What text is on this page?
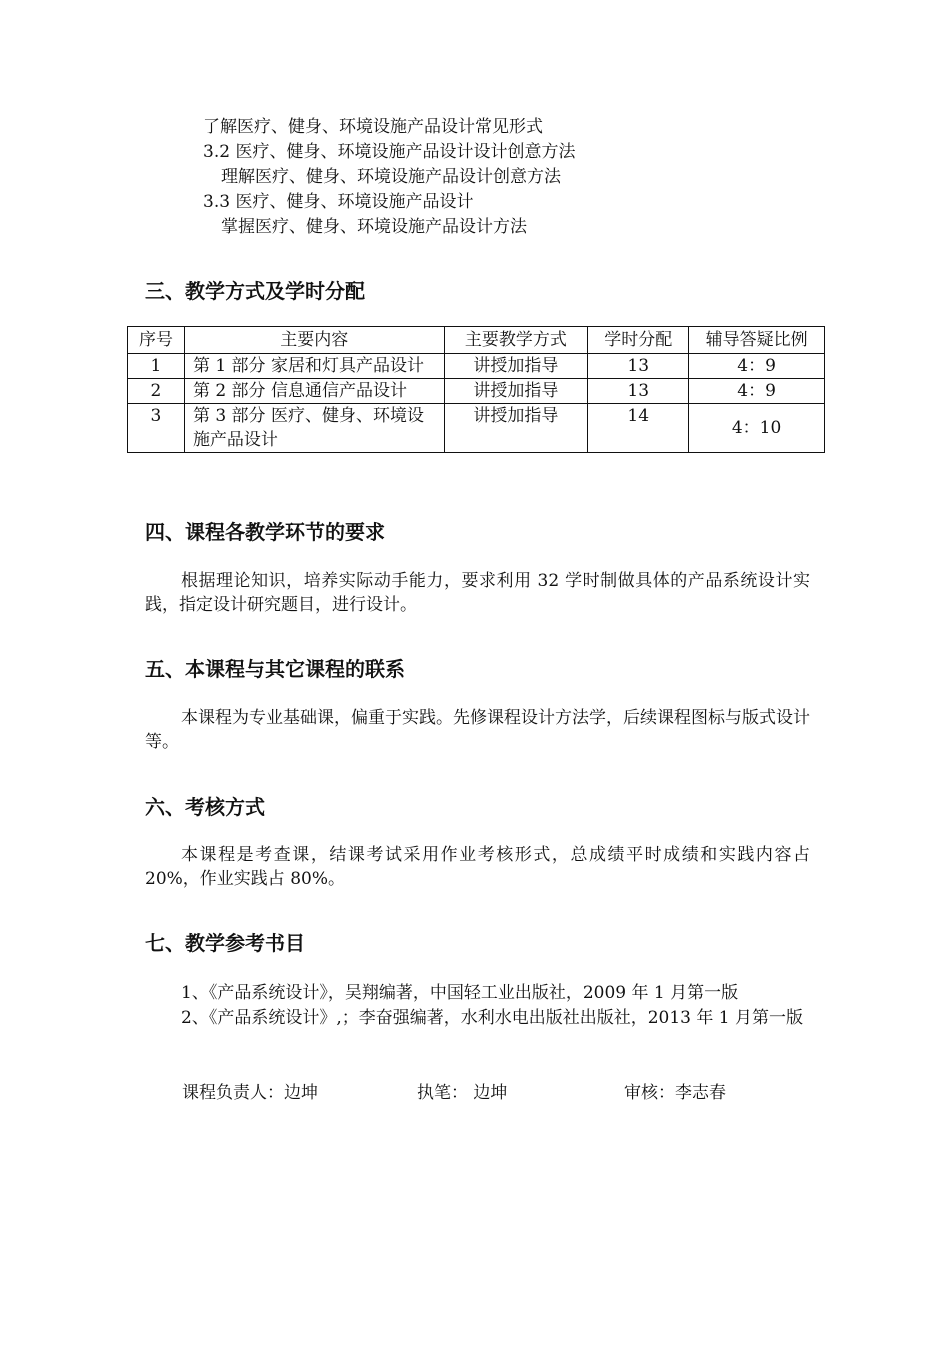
了解医疗、健身、环境设施产品设计常见形式
3.2 医疗、健身、环境设施产品设计设计创意方法
理解医疗、健身、环境设施产品设计创意方法
3.3 医疗、健身、环境设施产品设计
掌握医疗、健身、环境设施产品设计方法
三、教学方式及学时分配
序号	主要内容	主要教学方式	学时分配	辅导答疑比例
1	第 1 部分 家居和灯具产品设计	讲授加指导	13	4：9
2	第 2 部分 信息通信产品设计	讲授加指导	13	4：9
3	第 3 部分 医疗、健身、环境设施产品设计	讲授加指导	14	4：10
四、课程各教学环节的要求
根据理论知识，培养实际动手能力，要求利用 32 学时制做具体的产品系统设计实践，指定设计研究题目，进行设计。
五、本课程与其它课程的联系
本课程为专业基础课，偏重于实践。先修课程设计方法学，后续课程图标与版式设计等。
六、考核方式
本课程是考查课，结课考试采用作业考核形式，总成绩平时成绩和实践内容占 20%，作业实践占 80%。
七、教学参考书目
1、《产品系统设计》，吴翔编著，中国轻工业出版社，2009 年 1 月第一版
2、《产品系统设计》,；李奋强编著，水利水电出版社出版社，2013 年 1 月第一版
课程负责人：边坤	执笔： 边坤	审核：李志春
